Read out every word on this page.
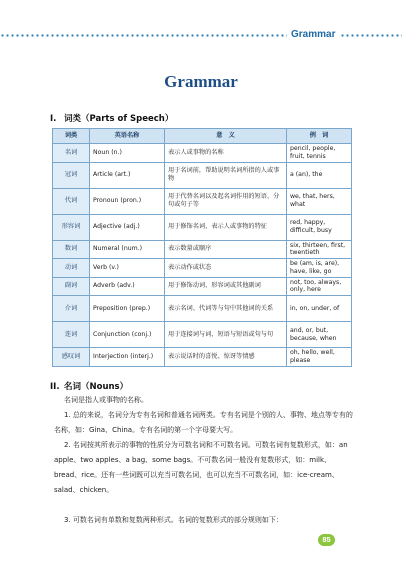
Grammar
Grammar
I. 词类（Parts of Speech）
词类	英语名称	意　义	例　词
名词	Noun (n.)	表示人或事物的名称	pencil, people, fruit, tennis
冠词	Article (art.)	用于名词前，帮助说明名词所指的人或事物	a (an), the
代词	Pronoun (pron.)	用于代替名词以及起名词作用的短语、分句或句子等	we, that, hers, what
形容词	Adjective (adj.)	用于修饰名词，表示人或事物的特征	red, happy, difficult, busy
数词	Numeral (num.)	表示数量或顺序	six, thirteen, first, twentieth
动词	Verb (v.)	表示动作或状态	be (am, is, are), have, like, go
副词	Adverb (adv.)	用于修饰动词、形容词或其他副词	not, too, always, only, here
介词	Preposition (prep.)	表示名词、代词等与句中其他词的关系	in, on, under, of
连词	Conjunction (conj.)	用于连接词与词、短语与短语或句与句	and, or, but, because, when
感叹词	Interjection (interj.)	表示说话时的喜悦、惊讶等情感	oh, hello, well, please
II. 名词（Nouns）
名词是指人或事物的名称。
1. 总的来说，名词分为专有名词和普通名词两类。专有名词是个别的人、事物、地点等专有的名称，如：Gina、China。专有名词的第一个字母要大写。
2. 名词按其所表示的事物的性质分为可数名词和不可数名词。可数名词有复数形式，如：an apple、two apples、a bag、some bags。不可数名词一般没有复数形式，如：milk、bread、rice。还有一些词既可以充当可数名词，也可以充当不可数名词，如：ice-cream、salad、chicken。
3. 可数名词有单数和复数两种形式。名词的复数形式的部分规则如下：
85
